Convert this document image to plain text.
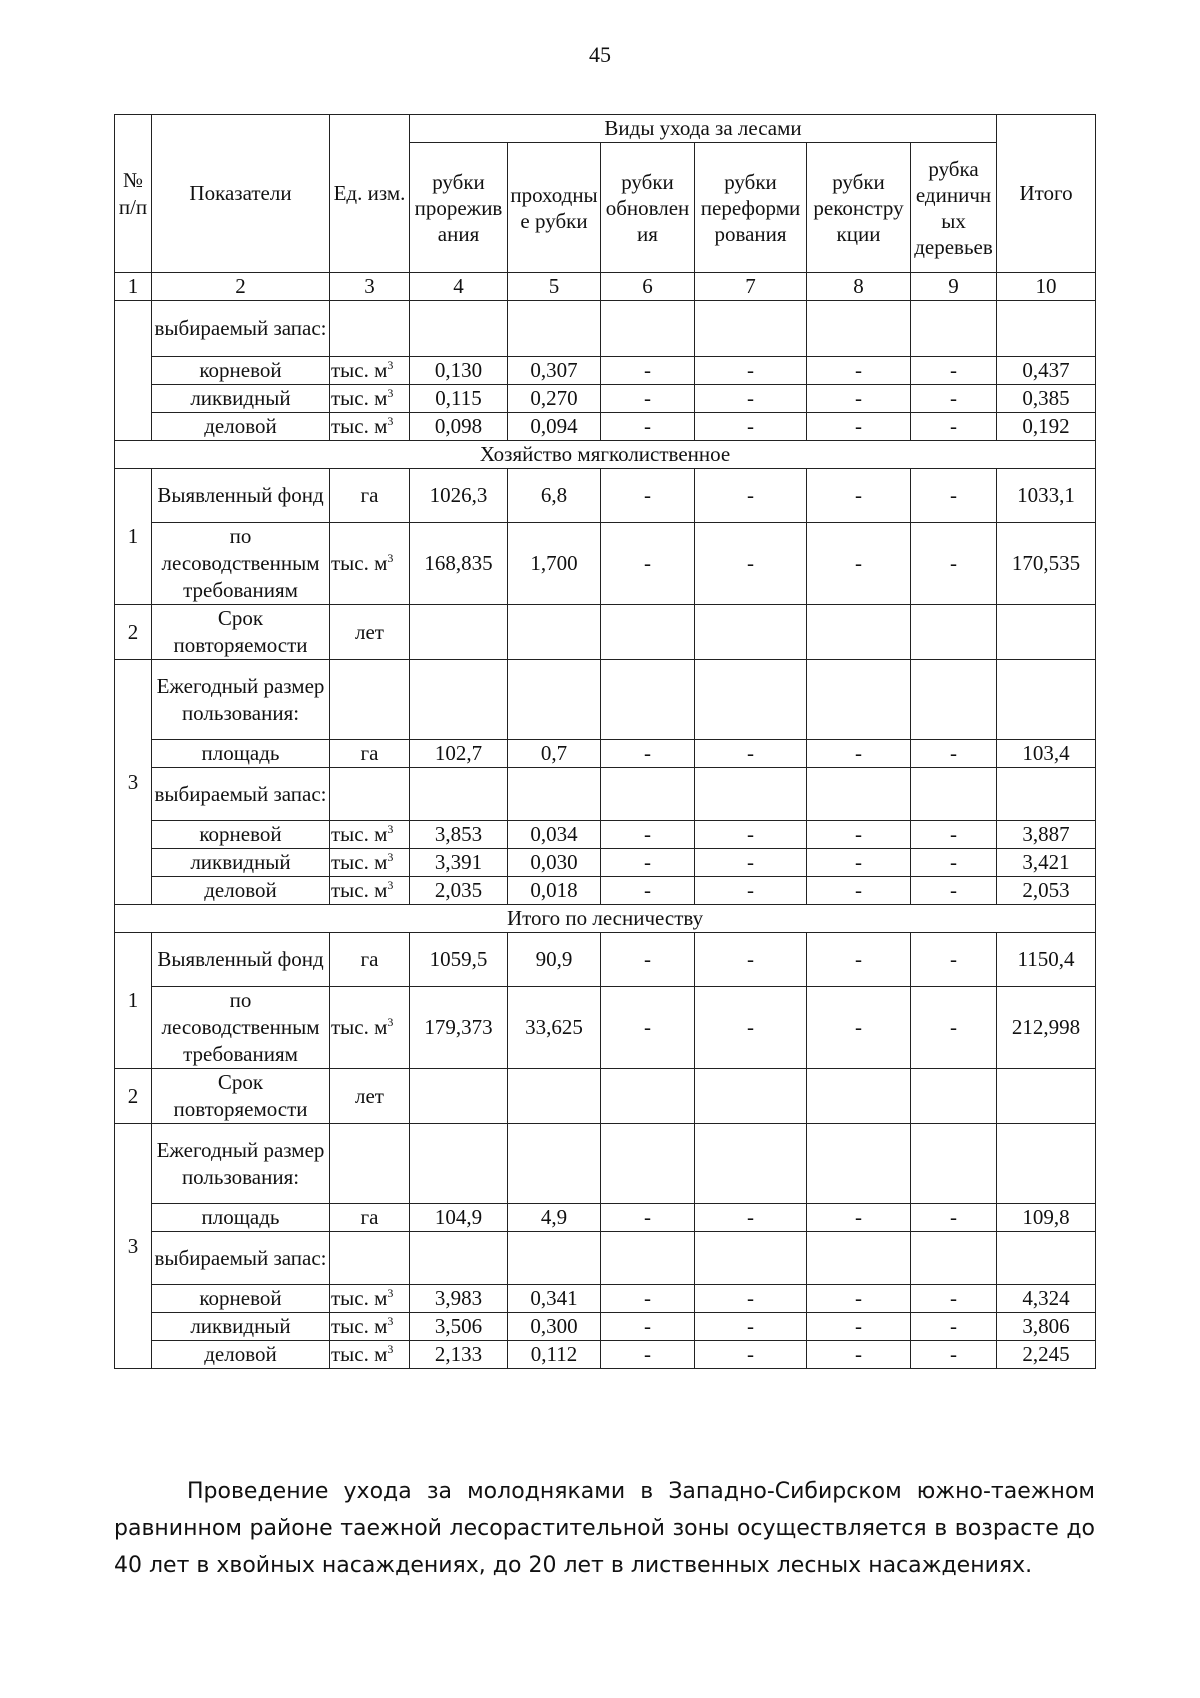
45
№ п/п	Показатели	Ед. изм.	Виды ухода за лесами						Итого
			рубки прореживания	проходные рубки	рубки обновления	рубки переформирования	рубки реконструкции	рубка единичных деревьев	
1	2	3	4	5	6	7	8	9	10
	выбираемый запас:								
	корневой	тыс. $м^3$	0,130	0,307	-	-	-	-	0,437
	ликвидный	тыс. $м^3$	0,115	0,270	-	-	-	-	0,385
	деловой	тыс. $м^3$	0,098	0,094	-	-	-	-	0,192
Хозяйство мягколиственное									
1	Выявленный фонд	га	1026,3	6,8	-	-	-	-	1033,1
	по лесоводственным требованиям	тыс. $м^3$	168,835	1,700	-	-	-	-	170,535
2	Срок повторяемости	лет							
3	Ежегодный размер пользования:								
	площадь	га	102,7	0,7	-	-	-	-	103,4
	выбираемый запас:								
	корневой	тыс. $м^3$	3,853	0,034	-	-	-	-	3,887
	ликвидный	тыс. $м^3$	3,391	0,030	-	-	-	-	3,421
	деловой	тыс. $м^3$	2,035	0,018	-	-	-	-	2,053
Итого по лесничеству									
1	Выявленный фонд	га	1059,5	90,9	-	-	-	-	1150,4
	по лесоводственным требованиям	тыс. $м^3$	179,373	33,625	-	-	-	-	212,998
2	Срок повторяемости	лет							
3	Ежегодный размер пользования:								
	площадь	га	104,9	4,9	-	-	-	-	109,8
	выбираемый запас:								
	корневой	тыс. $м^3$	3,983	0,341	-	-	-	-	4,324
	ликвидный	тыс. $м^3$	3,506	0,300	-	-	-	-	3,806
	деловой	тыс. $м^3$	2,133	0,112	-	-	-	-	2,245

Проведение ухода за молодняками в Западно-Сибирском южно-таежном равнинном районе таежной лесорастительной зоны осуществляется в возрасте до 40 лет в хвойных насаждениях, до 20 лет в лиственных лесных насаждениях.
